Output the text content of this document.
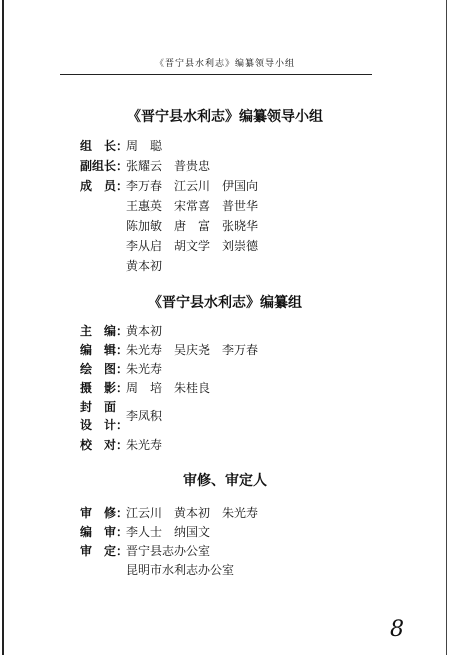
《晋宁县水利志》编纂领导小组
《晋宁县水利志》编纂领导小组
组　长：周　聪
副组长：张耀云　普贵忠
成　员：李万春　江云川　伊国向
王惠英　宋常喜　普世华
陈加敏　唐　富　张晓华
李从启　胡文学　刘崇德
黄本初
《晋宁县水利志》编纂组
主　编：黄本初
编　辑：朱光寿　吴庆尧　李万春
绘　图：朱光寿
摄　影：周　培　朱桂良
封　面
设　计：李凤积
校　对：朱光寿
审修、审定人
审　修：江云川　黄本初　朱光寿
编　审：李人士　纳国文
审　定：晋宁县志办公室
昆明市水利志办公室
8
